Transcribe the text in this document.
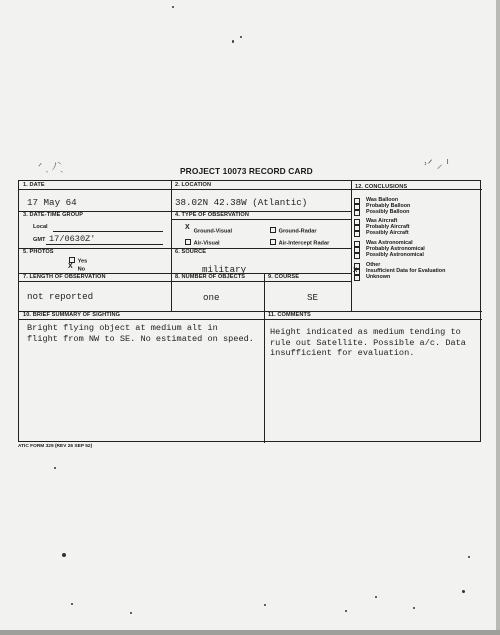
ᐟ ˎ ﾉ̀ ˎ	˒ᐟ ⸝ ᑊ
PROJECT 10073 RECORD CARD
1. DATE
17 May 64
2. LOCATION
38.02N 42.38W (Atlantic)
3. DATE-TIME GROUP
Local
GMT 17/0630Z'
4. TYPE OF OBSERVATION
X
Ground-Visual	Ground-Radar
Air-Visual	Air-Intercept Radar
5. PHOTOS
Yes
X No
6. SOURCE
military
7. LENGTH OF OBSERVATION
not reported
8. NUMBER OF OBJECTS
one
9. COURSE
SE
10. BRIEF SUMMARY OF SIGHTING
Bright flying object at medium alt in
flight from NW to SE. No estimated on speed.
11. COMMENTS
Height indicated as medium tending to
rule out Satellite. Possible a/c. Data
insufficient for evaluation.
12. CONCLUSIONS
Was Balloon
Probably Balloon
Possibly Balloon
Was Aircraft
Probably Aircraft
Possibly Aircraft
Was Astronomical
Probably Astronomical
Possibly Astronomical
Other
Insufficient Data for Evaluation
Unknown
X
ATIC FORM 329 (REV 26 SEP 52)
